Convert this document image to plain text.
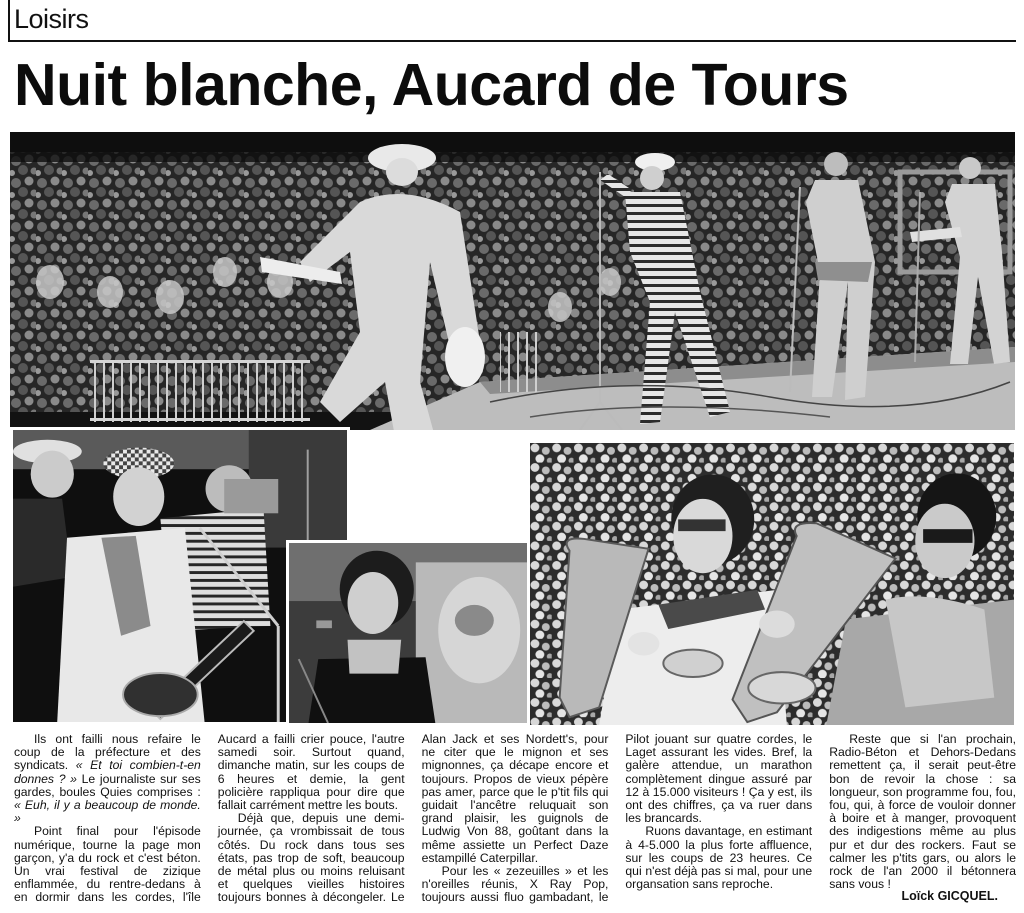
Loisirs
Nuit blanche, Aucard de Tours

Ils ont failli nous refaire le coup de la préfecture et des syndicats. « Et toi combien-t-en donnes ? » Le journaliste sur ses gardes, boules Quies comprises : « Euh, il y a beaucoup de monde. »

Point final pour l'épisode numérique, tourne la page mon garçon, y'a du rock et c'est béton. Un vrai festival de zizique enflammée, du rentre-dedans à en dormir dans les cordes, l'île Aucard a failli crier pouce, l'autre samedi soir. Surtout quand, dimanche matin, sur les coups de 6 heures et demie, la gent policière rappliqua pour dire que fallait carrément mettre les bouts.

Déjà que, depuis une demi-journée, ça vrombissait de tous côtés. Du rock dans tous ses états, pas trop de soft, beaucoup de métal plus ou moins reluisant et quelques vieilles histoires toujours bonnes à décongeler. Le Alan Jack et ses Nordett's, pour ne citer que le mignon et ses mignonnes, ça décape encore et toujours. Propos de vieux pépère pas amer, parce que le p'tit fils qui guidait l'ancêtre reluquait son grand plaisir, les guignols de Ludwig Von 88, goûtant dans la même assiette un Perfect Daze estampillé Caterpillar.

Pour les « zezeuilles » et les n'oreilles réunis, X Ray Pop, toujours aussi fluo gambadant, le Pilot jouant sur quatre cordes, le Laget assurant les vides. Bref, la galère attendue, un marathon complètement dingue assuré par 12 à 15.000 visiteurs ! Ça y est, ils ont des chiffres, ça va ruer dans les brancards.

Ruons davantage, en estimant à 4-5.000 la plus forte affluence, sur les coups de 23 heures. Ce qui n'est déjà pas si mal, pour une organsation sans reproche.

Reste que si l'an prochain, Radio-Béton et Dehors-Dedans remettent ça, il serait peut-être bon de revoir la chose : sa longueur, son programme fou, fou, fou, qui, à force de vouloir donner à boire et à manger, provoquent des indigestions même au plus pur et dur des rockers. Faut se calmer les p'tits gars, ou alors le rock de l'an 2000 il bétonnera sans vous !

Loïck GICQUEL.
